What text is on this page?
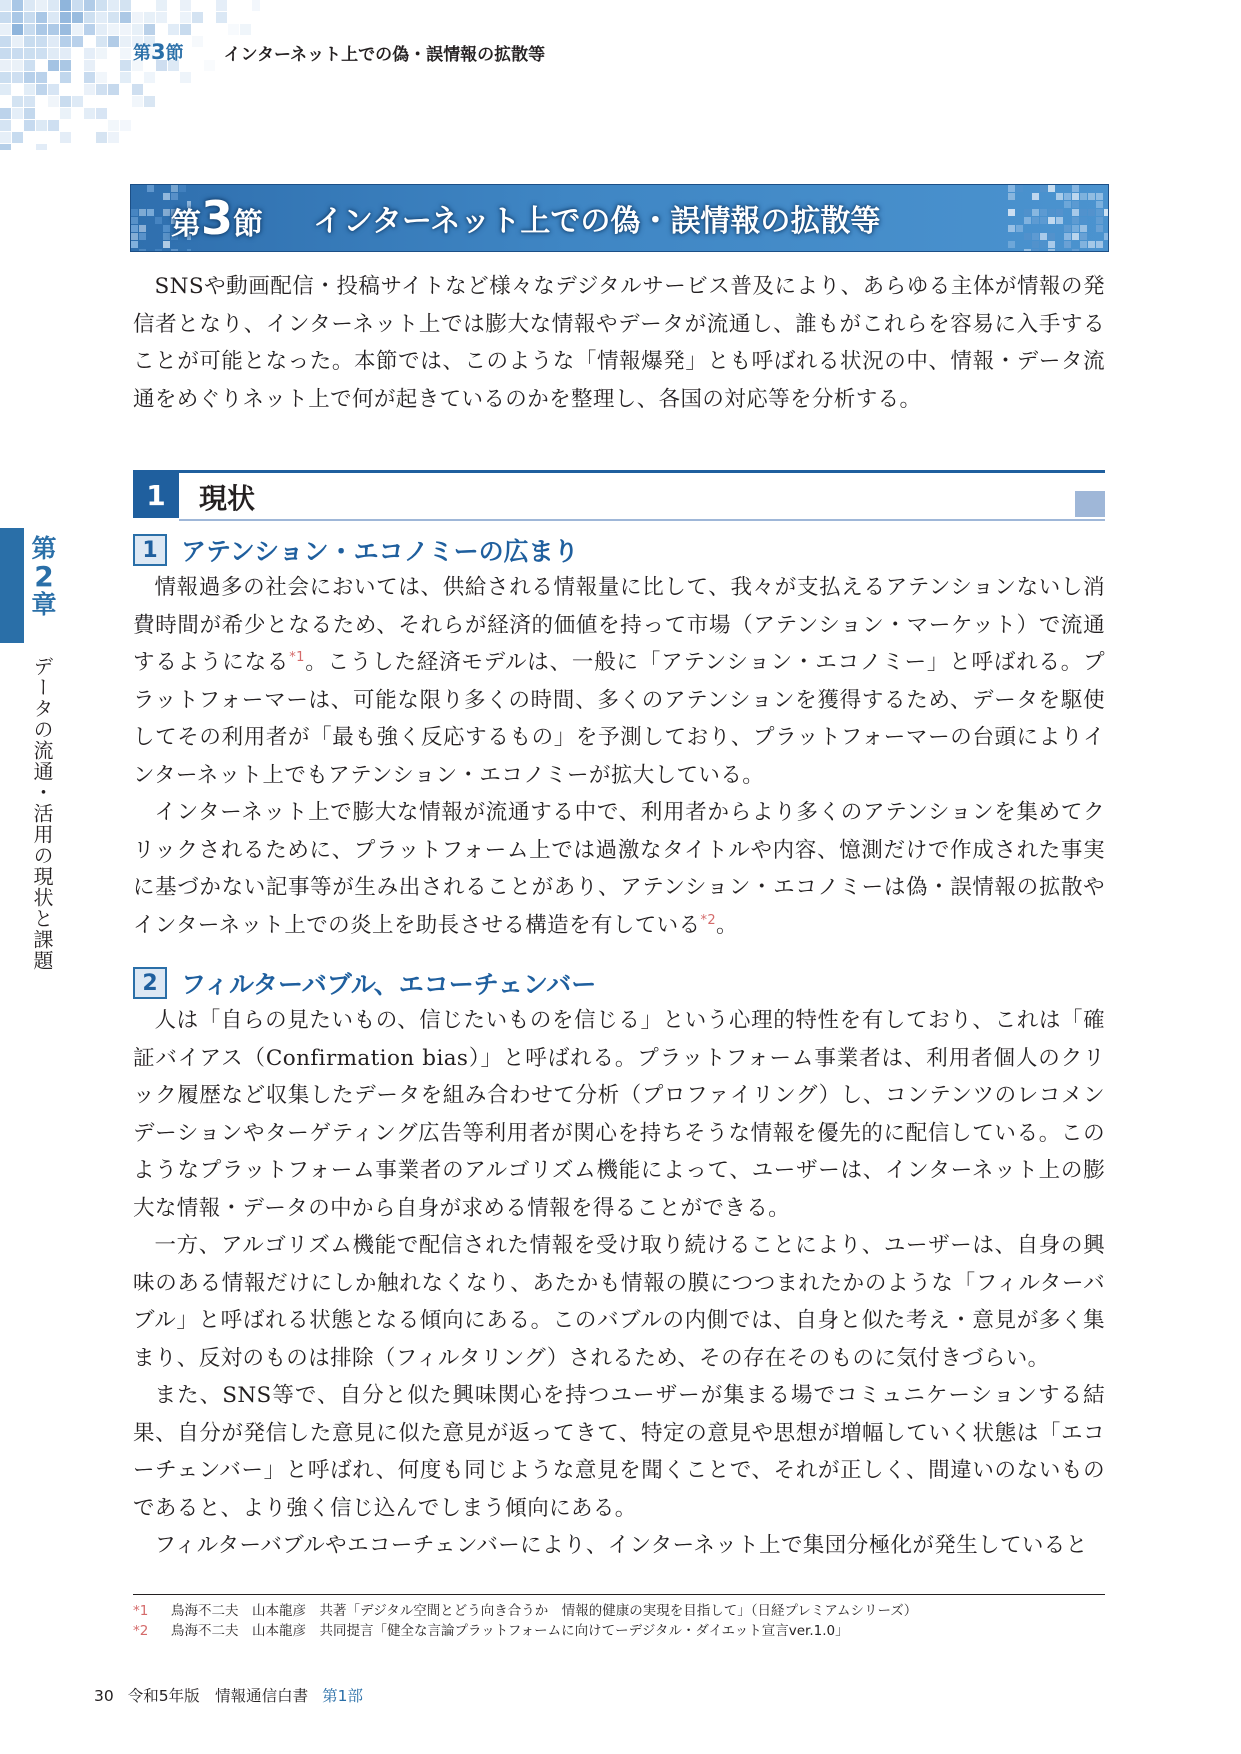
第3節 インターネット上での偽・誤情報の拡散等
第3節 インターネット上での偽・誤情報の拡散等

SNSや動画配信・投稿サイトなど様々なデジタルサービス普及により、あらゆる主体が情報の発信者となり、インターネット上では膨大な情報やデータが流通し、誰もがこれらを容易に入手することが可能となった。本節では、このような「情報爆発」とも呼ばれる状況の中、情報・データ流通をめぐりネット上で何が起きているのかを整理し、各国の対応等を分析する。

1	現状
1 アテンション・エコノミーの広まり

情報過多の社会においては、供給される情報量に比して、我々が支払えるアテンションないし消費時間が希少となるため、それらが経済的価値を持って市場（アテンション・マーケット）で流通するようになる$^{*1}$。こうした経済モデルは、一般に「アテンション・エコノミー」と呼ばれる。プラットフォーマーは、可能な限り多くの時間、多くのアテンションを獲得するため、データを駆使してその利用者が「最も強く反応するもの」を予測しており、プラットフォーマーの台頭によりインターネット上でもアテンション・エコノミーが拡大している。

インターネット上で膨大な情報が流通する中で、利用者からより多くのアテンションを集めてクリックされるために、プラットフォーム上では過激なタイトルや内容、憶測だけで作成された事実に基づかない記事等が生み出されることがあり、アテンション・エコノミーは偽・誤情報の拡散やインターネット上での炎上を助長させる構造を有している$^{*2}$。

2 フィルターバブル、エコーチェンバー

人は「自らの見たいもの、信じたいものを信じる」という心理的特性を有しており、これは「確証バイアス（Confirmation bias）」と呼ばれる。プラットフォーム事業者は、利用者個人のクリック履歴など収集したデータを組み合わせて分析（プロファイリング）し、コンテンツのレコメンデーションやターゲティング広告等利用者が関心を持ちそうな情報を優先的に配信している。このようなプラットフォーム事業者のアルゴリズム機能によって、ユーザーは、インターネット上の膨大な情報・データの中から自身が求める情報を得ることができる。

一方、アルゴリズム機能で配信された情報を受け取り続けることにより、ユーザーは、自身の興味のある情報だけにしか触れなくなり、あたかも情報の膜につつまれたかのような「フィルターバブル」と呼ばれる状態となる傾向にある。このバブルの内側では、自身と似た考え・意見が多く集まり、反対のものは排除（フィルタリング）されるため、その存在そのものに気付きづらい。

また、SNS等で、自分と似た興味関心を持つユーザーが集まる場でコミュニケーションする結果、自分が発信した意見に似た意見が返ってきて、特定の意見や思想が増幅していく状態は「エコーチェンバー」と呼ばれ、何度も同じような意見を聞くことで、それが正しく、間違いのないものであると、より強く信じ込んでしまう傾向にある。

フィルターバブルやエコーチェンバーにより、インターネット上で集団分極化が発生していると

第
2
章
データの流通・活用の現状と課題
*1 鳥海不二夫　山本龍彦　共著「デジタル空間とどう向き合うか　情報的健康の実現を目指して」（日経プレミアムシリーズ）
*2 鳥海不二夫　山本龍彦　共同提言「健全な言論プラットフォームに向けてーデジタル・ダイエット宣言ver.1.0」
30 令和5年版　情報通信白書 第1部
